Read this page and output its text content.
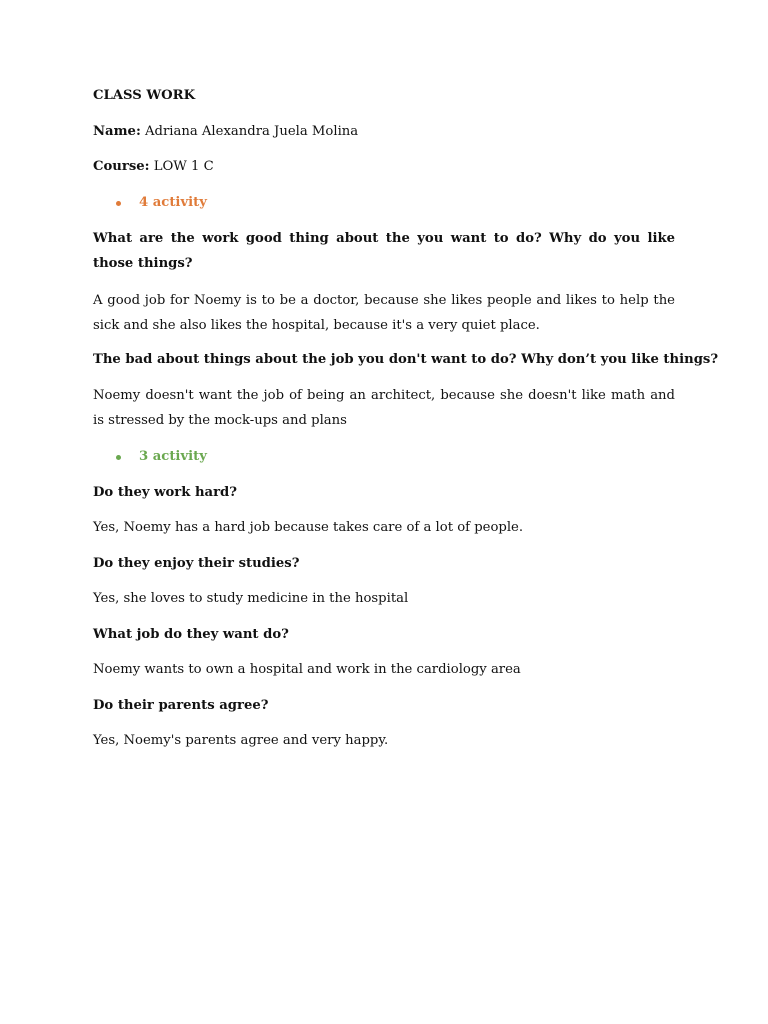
CLASS WORK

Name: Adriana Alexandra Juela Molina

Course: LOW 1 C

4 activity

What are the work good thing about the you want to do? Why do you like those things?

A good job for Noemy is to be a doctor, because she likes people and likes to help the sick and she also likes the hospital, because it's a very quiet place.

The bad about things about the job you don't want to do? Why don’t you like things?

Noemy doesn't want the job of being an architect, because she doesn't like math and is stressed by the mock-ups and plans

3 activity

Do they work hard?

Yes, Noemy has a hard job because takes care of a lot of people.

Do they enjoy their studies?

Yes, she loves to study medicine in the hospital

What job do they want do?

Noemy wants to own a hospital and work in the cardiology area

Do their parents agree?

Yes, Noemy's parents agree and very happy.
